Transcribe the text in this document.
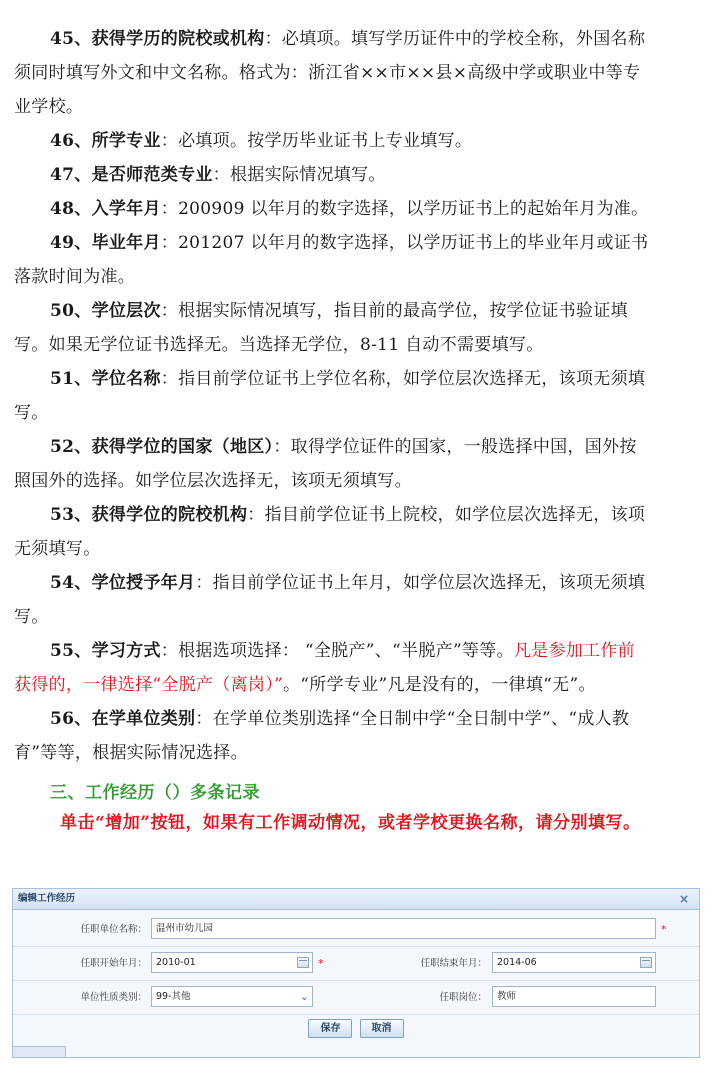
45、获得学历的院校或机构：必填项。填写学历证件中的学校全称，外国名称须同时填写外文和中文名称。格式为：浙江省××市××县×高级中学或职业中等专业学校。

46、所学专业：必填项。按学历毕业证书上专业填写。

47、是否师范类专业：根据实际情况填写。

48、入学年月：200909 以年月的数字选择，以学历证书上的起始年月为准。

49、毕业年月：201207 以年月的数字选择，以学历证书上的毕业年月或证书落款时间为准。

50、学位层次：根据实际情况填写，指目前的最高学位，按学位证书验证填写。如果无学位证书选择无。当选择无学位，8-11 自动不需要填写。

51、学位名称：指目前学位证书上学位名称，如学位层次选择无，该项无须填写。

52、获得学位的国家（地区）：取得学位证件的国家，一般选择中国，国外按照国外的选择。如学位层次选择无，该项无须填写。

53、获得学位的院校机构：指目前学位证书上院校，如学位层次选择无，该项无须填写。

54、学位授予年月：指目前学位证书上年月，如学位层次选择无，该项无须填写。

55、学习方式：根据选项选择： “全脱产”、“半脱产”等等。凡是参加工作前获得的，一律选择“全脱产（离岗）”。“所学专业”凡是没有的，一律填“无”。

56、在学单位类别：在学单位类别选择“全日制中学“全日制中学”、“成人教育”等等，根据实际情况选择。

三、工作经历（）多条记录

单击“增加”按钮，如果有工作调动情况，或者学校更换名称，请分别填写。

编辑工作经历	×
任职单位名称： 温州市幼儿园	*
任职开始年月： 2010-01	*	任职结束年月：	2014-06
单位性质类别： 99-其他	⌄	任职岗位：	教师
保存	取消
